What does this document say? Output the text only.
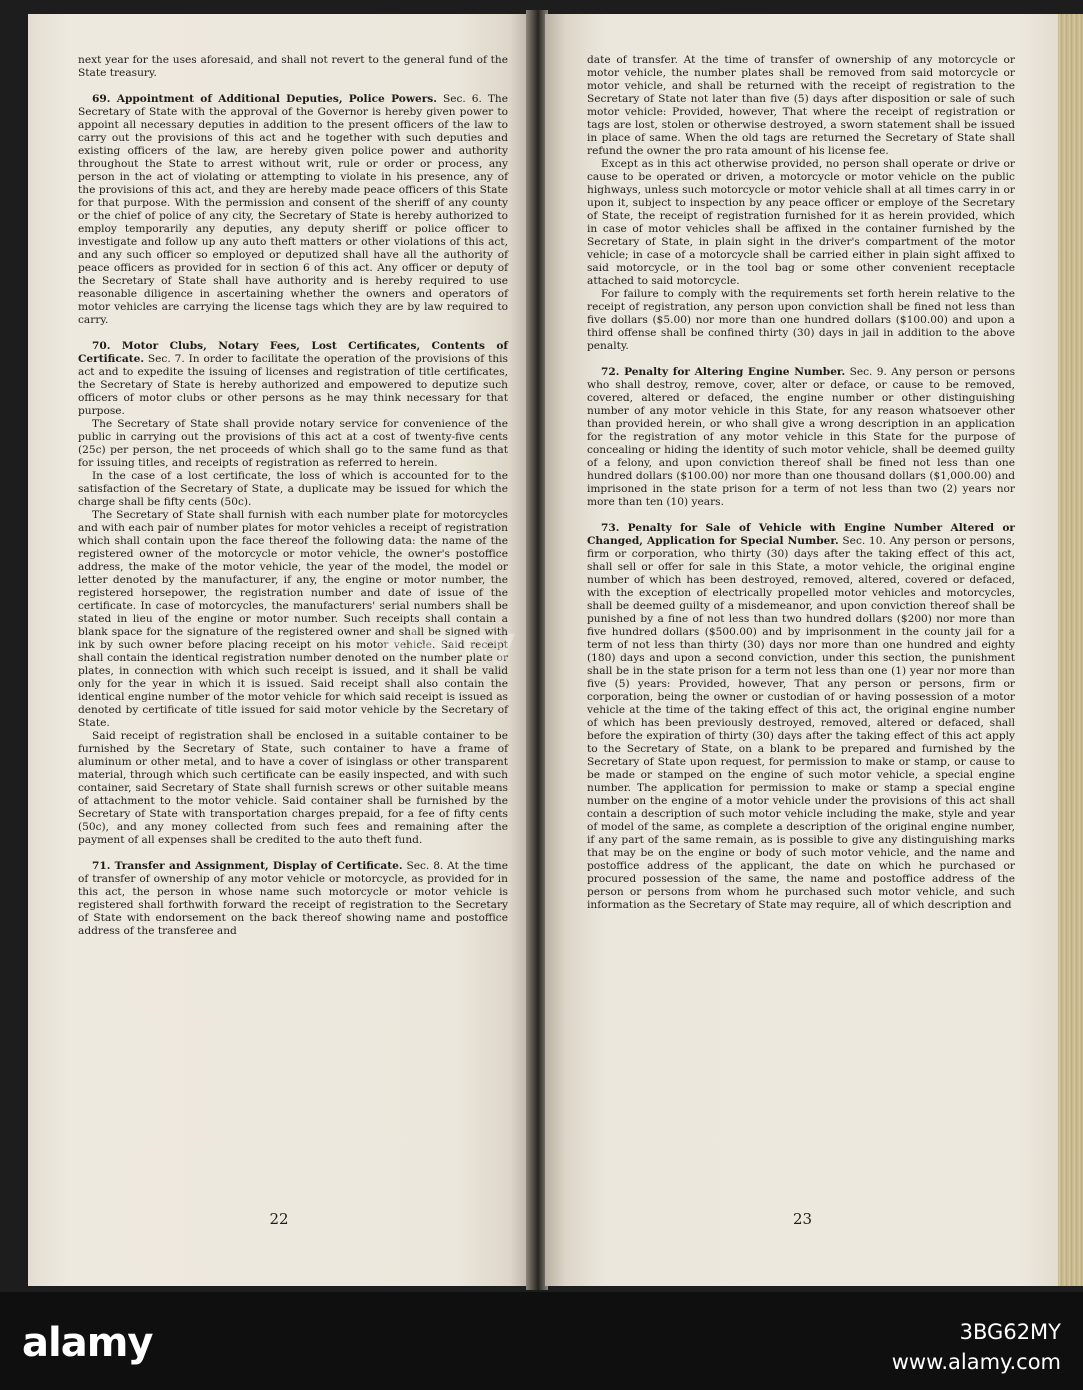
next year for the uses aforesaid, and shall not revert to the general fund of the State treasury.

69. Appointment of Additional Deputies, Police Powers. Sec. 6. The Secretary of State with the approval of the Governor is hereby given power to appoint all necessary deputies in addition to the present officers of the law to carry out the provisions of this act and he together with such deputies and existing officers of the law, are hereby given police power and authority throughout the State to arrest without writ, rule or order or process, any person in the act of violating or attempting to violate in his presence, any of the provisions of this act, and they are hereby made peace officers of this State for that purpose. With the permission and consent of the sheriff of any county or the chief of police of any city, the Secretary of State is hereby authorized to employ temporarily any deputies, any deputy sheriff or police officer to investigate and follow up any auto theft matters or other violations of this act, and any such officer so employed or deputized shall have all the authority of peace officers as provided for in section 6 of this act. Any officer or deputy of the Secretary of State shall have authority and is hereby required to use reasonable diligence in ascertaining whether the owners and operators of motor vehicles are carrying the license tags which they are by law required to carry.

70. Motor Clubs, Notary Fees, Lost Certificates, Contents of Certificate. Sec. 7. In order to facilitate the operation of the provisions of this act and to expedite the issuing of licenses and registration of title certificates, the Secretary of State is hereby authorized and empowered to deputize such officers of motor clubs or other persons as he may think necessary for that purpose.

The Secretary of State shall provide notary service for convenience of the public in carrying out the provisions of this act at a cost of twenty-five cents (25c) per person, the net proceeds of which shall go to the same fund as that for issuing titles, and receipts of registration as referred to herein.

In the case of a lost certificate, the loss of which is accounted for to the satisfaction of the Secretary of State, a duplicate may be issued for which the charge shall be fifty cents (50c).

The Secretary of State shall furnish with each number plate for motorcycles and with each pair of number plates for motor vehicles a receipt of registration which shall contain upon the face thereof the following data: the name of the registered owner of the motorcycle or motor vehicle, the owner's postoffice address, the make of the motor vehicle, the year of the model, the model or letter denoted by the manufacturer, if any, the engine or motor number, the registered horsepower, the registration number and date of issue of the certificate. In case of motorcycles, the manufacturers' serial numbers shall be stated in lieu of the engine or motor number. Such receipts shall contain a blank space for the signature of the registered owner and shall be signed with ink by such owner before placing receipt on his motor vehicle. Said receipt shall contain the identical registration number denoted on the number plate or plates, in connection with which such receipt is issued, and it shall be valid only for the year in which it is issued. Said receipt shall also contain the identical engine number of the motor vehicle for which said receipt is issued as denoted by certificate of title issued for said motor vehicle by the Secretary of State.

Said receipt of registration shall be enclosed in a suitable container to be furnished by the Secretary of State, such container to have a frame of aluminum or other metal, and to have a cover of isinglass or other transparent material, through which such certificate can be easily inspected, and with such container, said Secretary of State shall furnish screws or other suitable means of attachment to the motor vehicle. Said container shall be furnished by the Secretary of State with transportation charges prepaid, for a fee of fifty cents (50c), and any money collected from such fees and remaining after the payment of all expenses shall be credited to the auto theft fund.

71. Transfer and Assignment, Display of Certificate. Sec. 8. At the time of transfer of ownership of any motor vehicle or motorcycle, as provided for in this act, the person in whose name such motorcycle or motor vehicle is registered shall forthwith forward the receipt of registration to the Secretary of State with endorsement on the back thereof showing name and postoffice address of the transferee and

22

date of transfer. At the time of transfer of ownership of any motorcycle or motor vehicle, the number plates shall be removed from said motorcycle or motor vehicle, and shall be returned with the receipt of registration to the Secretary of State not later than five (5) days after disposition or sale of such motor vehicle: Provided, however, That where the receipt of registration or tags are lost, stolen or otherwise destroyed, a sworn statement shall be issued in place of same. When the old tags are returned the Secretary of State shall refund the owner the pro rata amount of his license fee.

Except as in this act otherwise provided, no person shall operate or drive or cause to be operated or driven, a motorcycle or motor vehicle on the public highways, unless such motorcycle or motor vehicle shall at all times carry in or upon it, subject to inspection by any peace officer or employe of the Secretary of State, the receipt of registration furnished for it as herein provided, which in case of motor vehicles shall be affixed in the container furnished by the Secretary of State, in plain sight in the driver's compartment of the motor vehicle; in case of a motorcycle shall be carried either in plain sight affixed to said motorcycle, or in the tool bag or some other convenient receptacle attached to said motorcycle.

For failure to comply with the requirements set forth herein relative to the receipt of registration, any person upon conviction shall be fined not less than five dollars ($5.00) nor more than one hundred dollars ($100.00) and upon a third offense shall be confined thirty (30) days in jail in addition to the above penalty.

72. Penalty for Altering Engine Number. Sec. 9. Any person or persons who shall destroy, remove, cover, alter or deface, or cause to be removed, covered, altered or defaced, the engine number or other distinguishing number of any motor vehicle in this State, for any reason whatsoever other than provided herein, or who shall give a wrong description in an application for the registration of any motor vehicle in this State for the purpose of concealing or hiding the identity of such motor vehicle, shall be deemed guilty of a felony, and upon conviction thereof shall be fined not less than one hundred dollars ($100.00) nor more than one thousand dollars ($1,000.00) and imprisoned in the state prison for a term of not less than two (2) years nor more than ten (10) years.

73. Penalty for Sale of Vehicle with Engine Number Altered or Changed, Application for Special Number. Sec. 10. Any person or persons, firm or corporation, who thirty (30) days after the taking effect of this act, shall sell or offer for sale in this State, a motor vehicle, the original engine number of which has been destroyed, removed, altered, covered or defaced, with the exception of electrically propelled motor vehicles and motorcycles, shall be deemed guilty of a misdemeanor, and upon conviction thereof shall be punished by a fine of not less than two hundred dollars ($200) nor more than five hundred dollars ($500.00) and by imprisonment in the county jail for a term of not less than thirty (30) days nor more than one hundred and eighty (180) days and upon a second conviction, under this section, the punishment shall be in the state prison for a term not less than one (1) year nor more than five (5) years: Provided, however, That any person or persons, firm or corporation, being the owner or custodian of or having possession of a motor vehicle at the time of the taking effect of this act, the original engine number of which has been previously destroyed, removed, altered or defaced, shall before the expiration of thirty (30) days after the taking effect of this act apply to the Secretary of State, on a blank to be prepared and furnished by the Secretary of State upon request, for permission to make or stamp, or cause to be made or stamped on the engine of such motor vehicle, a special engine number. The application for permission to make or stamp a special engine number on the engine of a motor vehicle under the provisions of this act shall contain a description of such motor vehicle including the make, style and year of model of the same, as complete a description of the original engine number, if any part of the same remain, as is possible to give any distinguishing marks that may be on the engine or body of such motor vehicle, and the name and postoffice address of the applicant, the date on which he purchased or procured possession of the same, the name and postoffice address of the person or persons from whom he purchased such motor vehicle, and such information as the Secretary of State may require, all of which description and

23
alamy
alamy	3BG62MY
www.alamy.com
